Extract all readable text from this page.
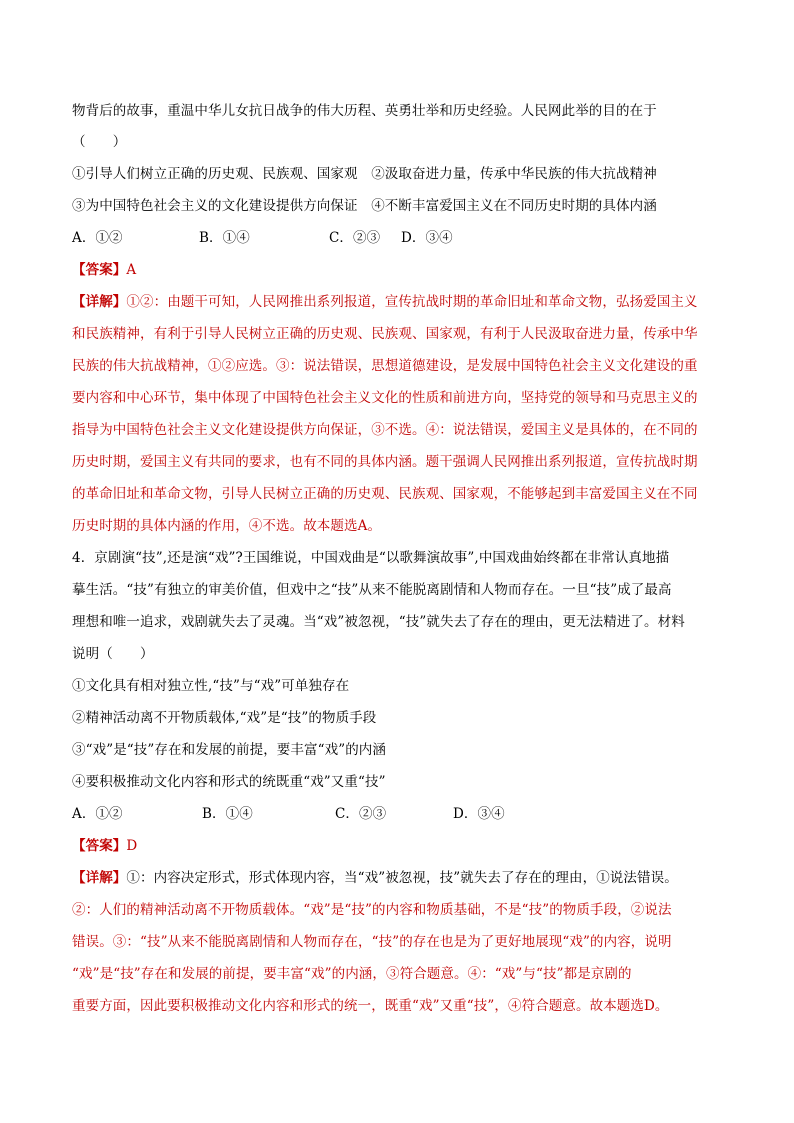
物背后的故事，重温中华儿女抗日战争的伟大历程、英勇壮举和历史经验。人民网此举的目的在于
（　　）
①引导人们树立正确的历史观、民族观、国家观　②汲取奋进力量，传承中华民族的伟大抗战精神
③为中国特色社会主义的文化建设提供方向保证　④不断丰富爱国主义在不同历史时期的具体内涵
A．①②	B．①④	C．②③ D．③④
【答案】A
【详解】①②：由题干可知，人民网推出系列报道，宣传抗战时期的革命旧址和革命文物，弘扬爱国主义
和民族精神，有利于引导人民树立正确的历史观、民族观、国家观，有利于人民汲取奋进力量，传承中华
民族的伟大抗战精神，①②应选。③：说法错误，思想道德建设，是发展中国特色社会主义文化建设的重
要内容和中心环节，集中体现了中国特色社会主义文化的性质和前进方向，坚持党的领导和马克思主义的
指导为中国特色社会主义文化建设提供方向保证，③不选。④：说法错误，爱国主义是具体的，在不同的
历史时期，爱国主义有共同的要求，也有不同的具体内涵。题干强调人民网推出系列报道，宣传抗战时期
的革命旧址和革命文物，引导人民树立正确的历史观、民族观、国家观，不能够起到丰富爱国主义在不同
历史时期的具体内涵的作用，④不选。故本题选A。
4．京剧演“技”,还是演“戏”?王国维说，中国戏曲是“以歌舞演故事”,中国戏曲始终都在非常认真地描
摹生活。“技”有独立的审美价值，但戏中之“技”从来不能脱离剧情和人物而存在。一旦“技”成了最高
理想和唯一追求，戏剧就失去了灵魂。当“戏”被忽视，“技”就失去了存在的理由，更无法精进了。材料
说明（　　）
①文化具有相对独立性,“技”与“戏”可单独存在
②精神活动离不开物质载体,“戏”是“技”的物质手段
③“戏”是“技”存在和发展的前提，要丰富“戏”的内涵
④要积极推动文化内容和形式的统既重“戏”又重“技”
A．①②	B．①④	C．②③	D．③④
【答案】D
【详解】①：内容决定形式，形式体现内容，当“戏”被忽视，技”就失去了存在的理由，①说法错误。
②：人们的精神活动离不开物质载体。“戏”是“技”的内容和物质基础，不是“技”的物质手段，②说法
错误。③：“技”从来不能脱离剧情和人物而存在，“技”的存在也是为了更好地展现“戏”的内容，说明
“戏”是“技”存在和发展的前提，要丰富“戏”的内涵，③符合题意。④：“戏”与“技”都是京剧的
重要方面，因此要积极推动文化内容和形式的统一，既重“戏”又重“技”，④符合题意。故本题选D。
